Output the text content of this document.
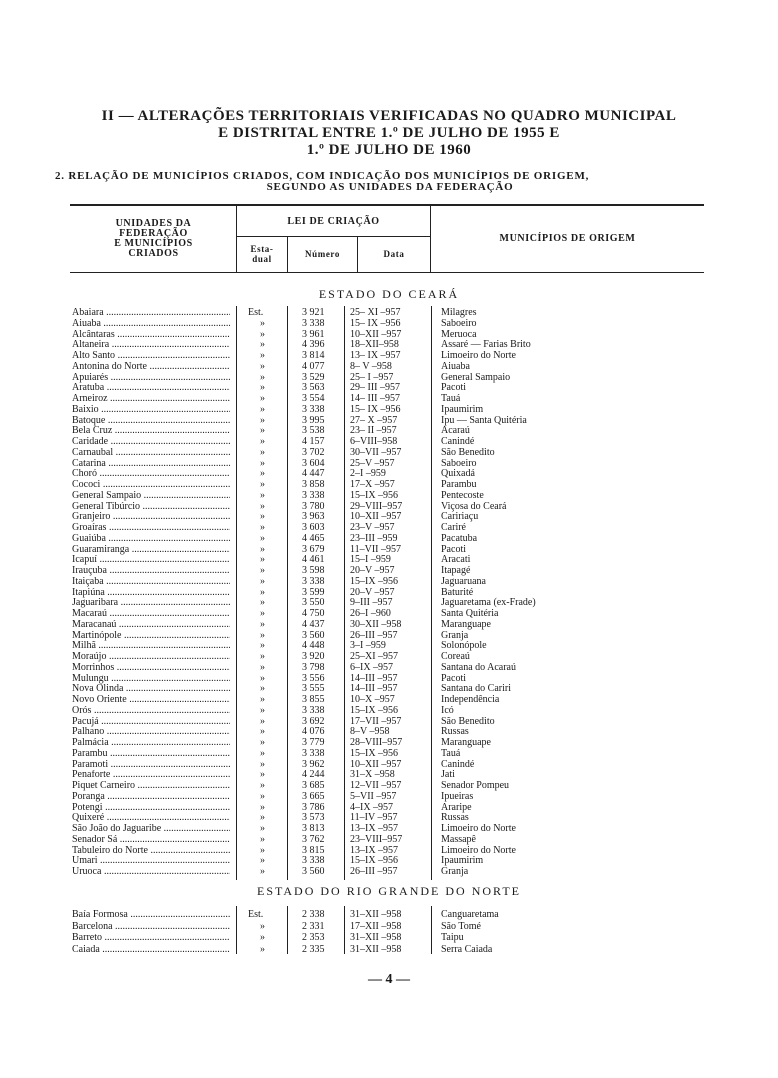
II — ALTERAÇÕES TERRITORIAIS VERIFICADAS NO QUADRO MUNICIPAL
E DISTRITAL ENTRE 1.º DE JULHO DE 1955 E
1.º DE JULHO DE 1960
2. RELAÇÃO DE MUNICÍPIOS CRIADOS, COM INDICAÇÃO DOS MUNICÍPIOS DE ORIGEM,
SEGUNDO AS UNIDADES DA FEDERAÇÃO
UNIDADES DA
FEDERAÇÃO
E MUNICÍPIOS
CRIADOS
LEI DE CRIAÇÃO
Esta-
dual	Número	Data
MUNICÍPIOS DE ORIGEM
ESTADO DO CEARÁ
Abaiara .....	Est.	3 921	25– XI –957	Milagres
Aiuaba .....	»	3 338	15– IX –956	Saboeiro
Alcântaras .....	»	3 961	10–XII –957	Meruoca
Altaneira .....	»	4 396	18–XII–958	Assaré — Farias Brito
Alto Santo .....	»	3 814	13– IX –957	Limoeiro do Norte
Antonina do Norte .....	»	4 077	8– V –958	Aiuaba
Apuiarés .....	»	3 529	25– I –957	General Sampaio
Aratuba .....	»	3 563	29– III –957	Pacoti
Arneiroz .....	»	3 554	14– III –957	Tauá
Baixio .....	»	3 338	15– IX –956	Ipaumirim
Batoque .....	»	3 995	27– X –957	Ipu — Santa Quitéria
Bela Cruz .....	»	3 538	23– II –957	Acaraú
Caridade .....	»	4 157	6–VIII–958	Canindé
Carnaubal .....	»	3 702	30–VII –957	São Benedito
Catarina .....	»	3 604	25–V –957	Saboeiro
Choró .....	»	4 447	2–I –959	Quixadá
Cococi .....	»	3 858	17–X –957	Parambu
General Sampaio .....	»	3 338	15–IX –956	Pentecoste
General Tibúrcio .....	»	3 780	29–VIII–957	Viçosa do Ceará
Granjeiro .....	»	3 963	10–XII –957	Caririaçu
Groaíras .....	»	3 603	23–V –957	Cariré
Guaiúba .....	»	4 465	23–III –959	Pacatuba
Guaramiranga .....	»	3 679	11–VII –957	Pacoti
Icapuí .....	»	4 461	15–I –959	Aracati
Irauçuba .....	»	3 598	20–V –957	Itapagé
Itaiçaba .....	»	3 338	15–IX –956	Jaguaruana
Itapiúna .....	»	3 599	20–V –957	Baturité
Jaguaribara .....	»	3 550	9–III –957	Jaguaretama (ex-Frade)
Macaraú .....	»	4 750	26–I –960	Santa Quitéria
Maracanaú .....	»	4 437	30–XII –958	Maranguape
Martinópole .....	»	3 560	26–III –957	Granja
Milhã .....	»	4 448	3–I –959	Solonópole
Moraújo .....	»	3 920	25–XI –957	Coreaú
Morrinhos .....	»	3 798	6–IX –957	Santana do Acaraú
Mulungu .....	»	3 556	14–III –957	Pacoti
Nova Olinda .....	»	3 555	14–III –957	Santana do Cariri
Novo Oriente .....	»	3 855	10–X –957	Independência
Orós .....	»	3 338	15–IX –956	Icó
Pacujá .....	»	3 692	17–VII –957	São Benedito
Palhano .....	»	4 076	8–V –958	Russas
Palmácia .....	»	3 779	28–VIII–957	Maranguape
Parambu .....	»	3 338	15–IX –956	Tauá
Paramoti .....	»	3 962	10–XII –957	Canindé
Penaforte .....	»	4 244	31–X –958	Jati
Piquet Carneiro .....	»	3 685	12–VII –957	Senador Pompeu
Poranga .....	»	3 665	5–VII –957	Ipueiras
Potengi .....	»	3 786	4–IX –957	Araripe
Quixeré .....	»	3 573	11–IV –957	Russas
São João do Jaguaribe .....	»	3 813	13–IX –957	Limoeiro do Norte
Senador Sá .....	»	3 762	23–VIII–957	Massapê
Tabuleiro do Norte .....	»	3 815	13–IX –957	Limoeiro do Norte
Umari .....	»	3 338	15–IX –956	Ipaumirim
Uruoca .....	»	3 560	26–III –957	Granja
ESTADO DO RIO GRANDE DO NORTE
Baía Formosa .....	Est.	2 338	31–XII –958	Canguaretama
Barcelona .....	»	2 331	17–XII –958	São Tomé
Barreto .....	»	2 353	31–XII –958	Taipu
Caiada .....	»	2 335	31–XII –958	Serra Caiada
— 4 —
